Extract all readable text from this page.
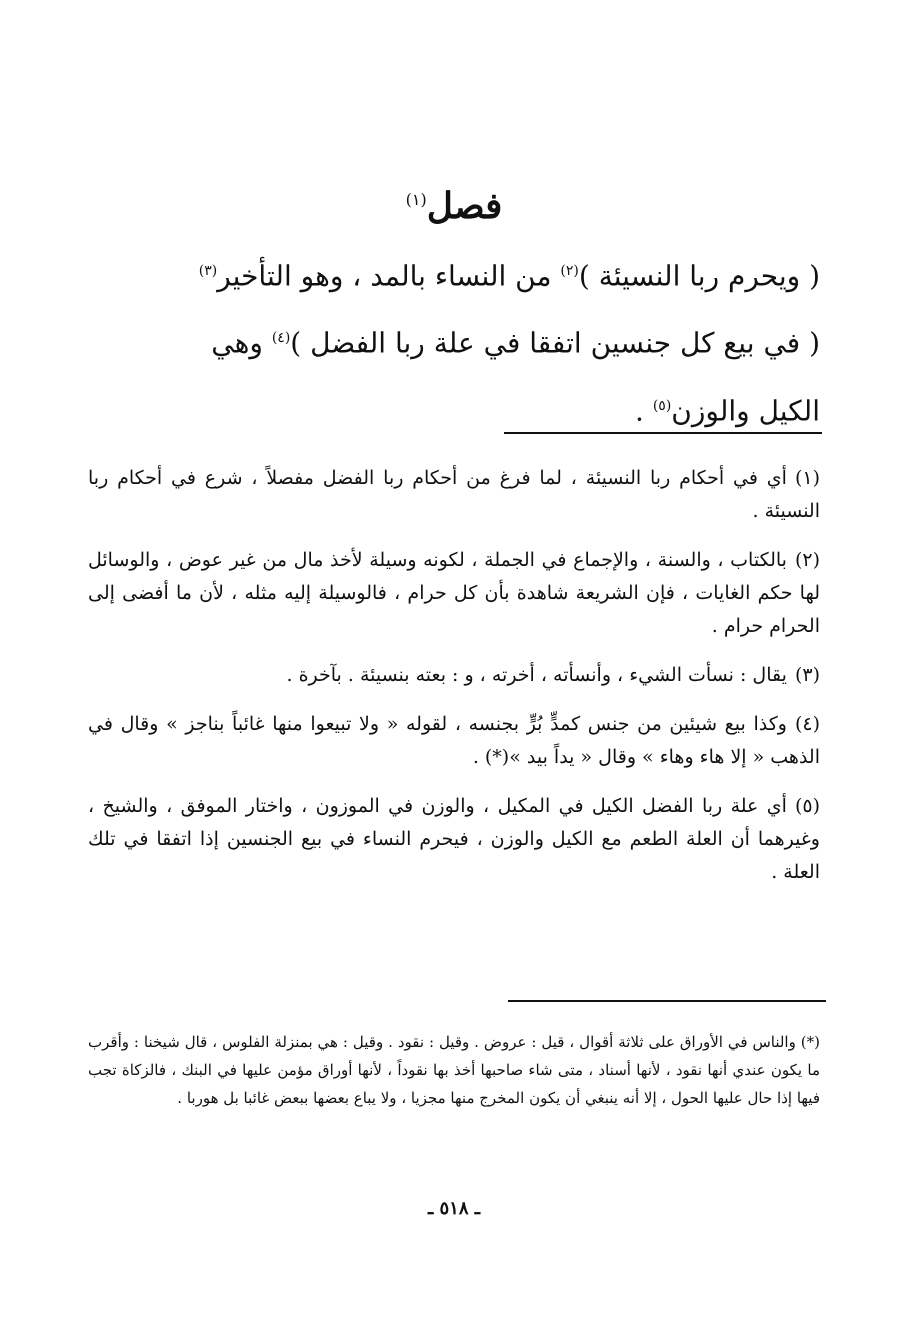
فصل$^{(١)}$
( ويحرم ربا النسيئة )$^{(٢)}$ من النساء بالمد ، وهو التأخير$^{(٣)}$
( في بيع كل جنسين اتفقا في علة ربا الفضل )$^{(٤)}$ وهي
الكيل والوزن$^{(٥)}$ .

(١)أي في أحكام ربا النسيئة ، لما فرغ من أحكام ربا الفضل مفصلاً ، شرع في أحكام ربا النسيئة .

(٢)بالكتاب ، والسنة ، والإجماع في الجملة ، لكونه وسيلة لأخذ مال من غير عوض ، والوسائل لها حكم الغايات ، فإن الشريعة شاهدة بأن كل حرام ، فالوسيلة إليه مثله ، لأن ما أفضى إلى الحرام حرام .

(٣)يقال : نسأت الشيء ، وأنسأته ، أخرته ، و : بعته بنسيئة . بآخرة .

(٤)وكذا بيع شيئين من جنس كمدٍّ بُرٍّ بجنسه ، لقوله « ولا تبيعوا منها غائباً بناجز » وقال في الذهب « إلا هاء وهاء » وقال « يداً بيد »(*) .

(٥)أي علة ربا الفضل الكيل في المكيل ، والوزن في الموزون ، واختار الموفق ، والشيخ ، وغيرهما أن العلة الطعم مع الكيل والوزن ، فيحرم النساء في بيع الجنسين إذا اتفقا في تلك العلة .

(*) والناس في الأوراق على ثلاثة أقوال ، قيل : عروض . وقيل : نقود . وقيل : هي بمنزلة الفلوس ، قال شيخنا : وأقرب ما يكون عندي أنها نقود ، لأنها أسناد ، متى شاء صاحبها أخذ بها نقوداً ، لأنها أوراق مؤمن عليها في البنك ، فالزكاة تجب فيها إذا حال عليها الحول ، إلا أنه ينبغي أن يكون المخرج منها مجزيا ، ولا يباع بعضها ببعض غائبا بل هوربا .
ـ ٥١٨ ـ
